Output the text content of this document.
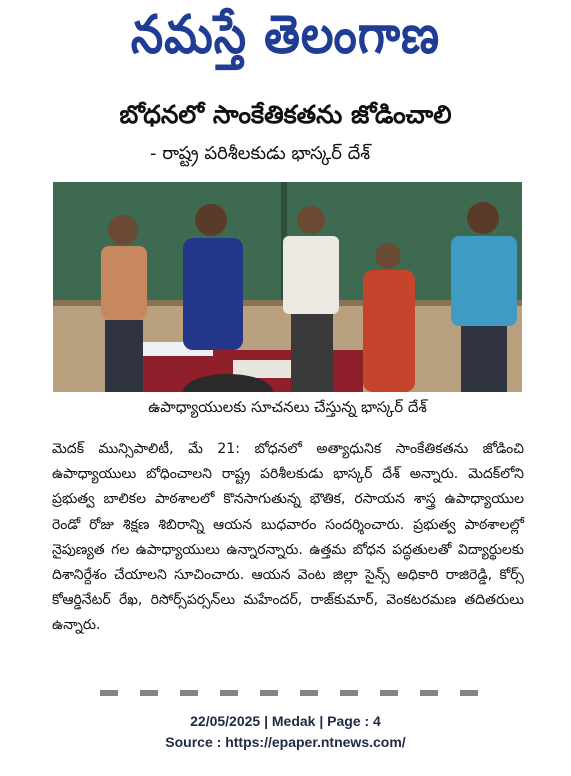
నమస్తే తెలంగాణ
బోధనలో సాంకేతికతను జోడించాలి
- రాష్ట్ర పరిశీలకుడు భాస్కర్ దేశ్
ఉపాధ్యాయులకు సూచనలు చేస్తున్న భాస్కర్ దేశ్

మెదక్ మున్సిపాలిటీ, మే 21: బోధనలో అత్యాధునిక సాంకేతికతను జోడించి ఉపాధ్యాయులు బోధించాలని రాష్ట్ర పరిశీలకుడు భాస్కర్ దేశ్ అన్నారు. మెదక్‌లోని ప్రభుత్వ బాలికల పాఠశాలలో కొనసాగుతున్న భౌతిక, రసాయన శాస్త్ర ఉపాధ్యాయుల రెండో రోజు శిక్షణ శిబిరాన్ని ఆయన బుధవారం సందర్శించారు. ప్రభుత్వ పాఠశాలల్లో నైపుణ్యత గల ఉపాధ్యాయులు ఉన్నారన్నారు. ఉత్తమ బోధన పద్ధతులతో విద్యార్థులకు దిశానిర్దేశం చేయాలని సూచించారు. ఆయన వెంట జిల్లా సైన్స్ అధికారి రాజిరెడ్డి, కోర్స్ కోఆర్డినేటర్ రేఖ, రిసోర్స్‌పర్సన్‌లు మహేందర్, రాజ్‌కుమార్, వెంకటరమణ తదితరులు ఉన్నారు.

22/05/2025 | Medak | Page : 4
Source : https://epaper.ntnews.com/
